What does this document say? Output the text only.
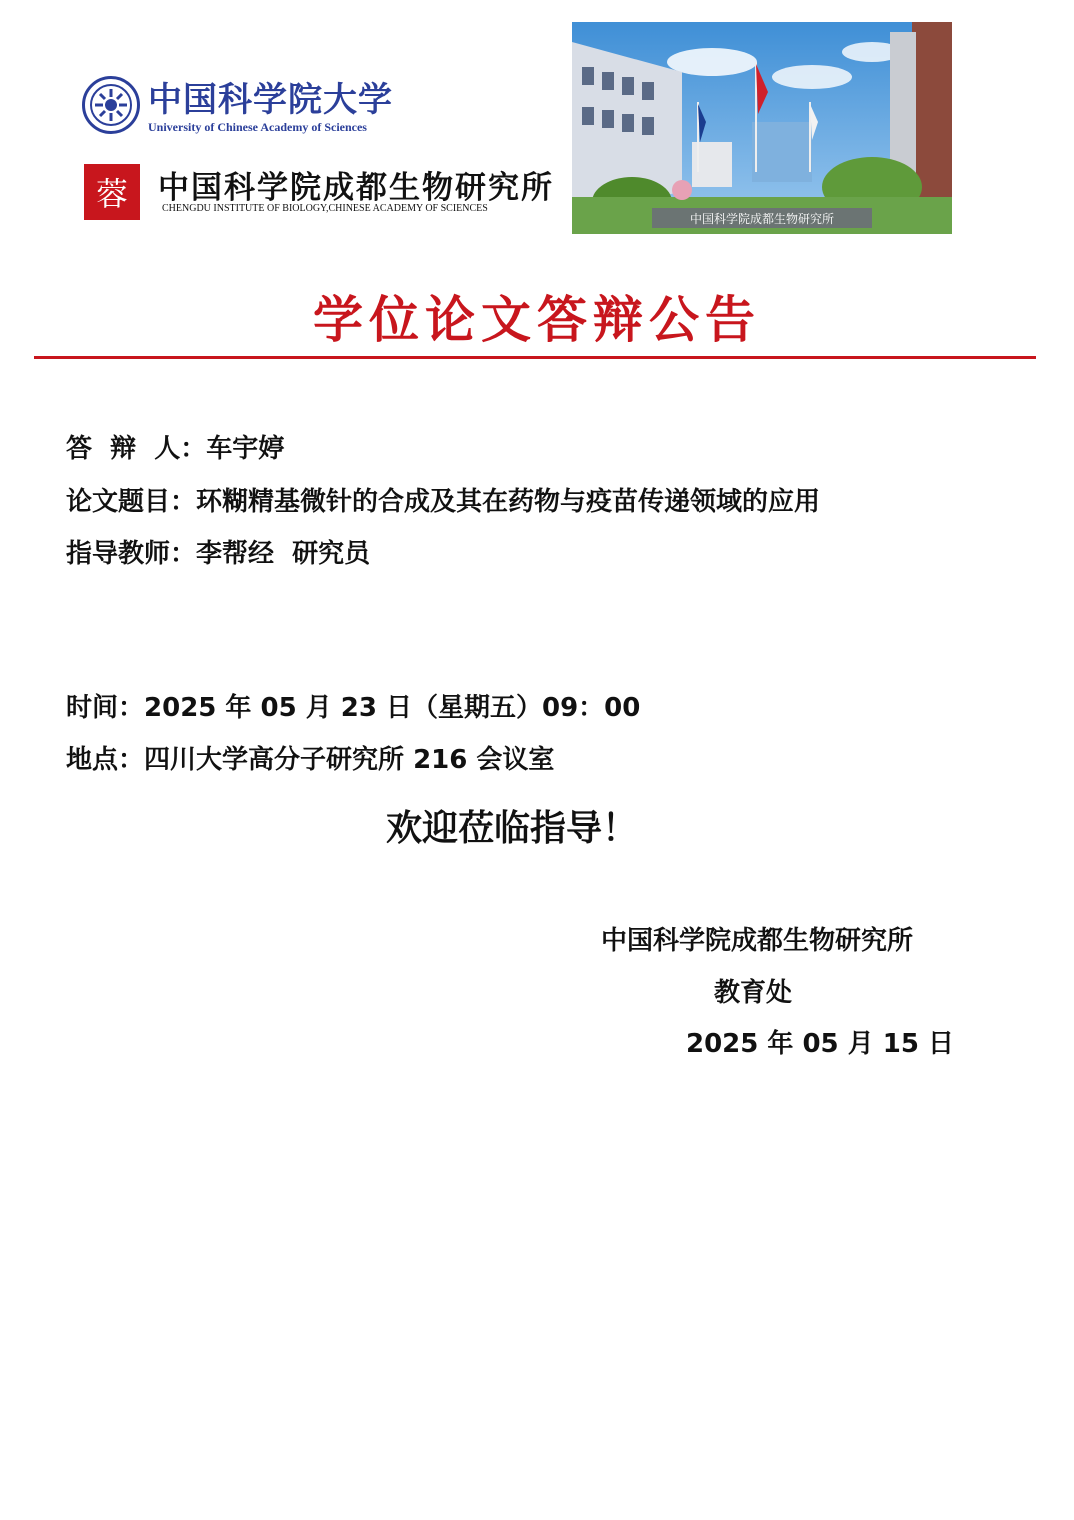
中国科学院大学
University of Chinese Academy of Sciences
蓉 中国科学院成都生物研究所
CHENGDU INSTITUTE OF BIOLOGY,CHINESE ACADEMY OF SCIENCES
中国科学院成都生物研究所
学位论文答辩公告
答  辩  人：车宇婷
论文题目：环糊精基微针的合成及其在药物与疫苗传递领域的应用
指导教师：李帮经  研究员
时间：2025 年 05 月 23 日（星期五）09：00
地点：四川大学高分子研究所 216 会议室
欢迎莅临指导！
中国科学院成都生物研究所
教育处
2025 年 05 月 15 日
